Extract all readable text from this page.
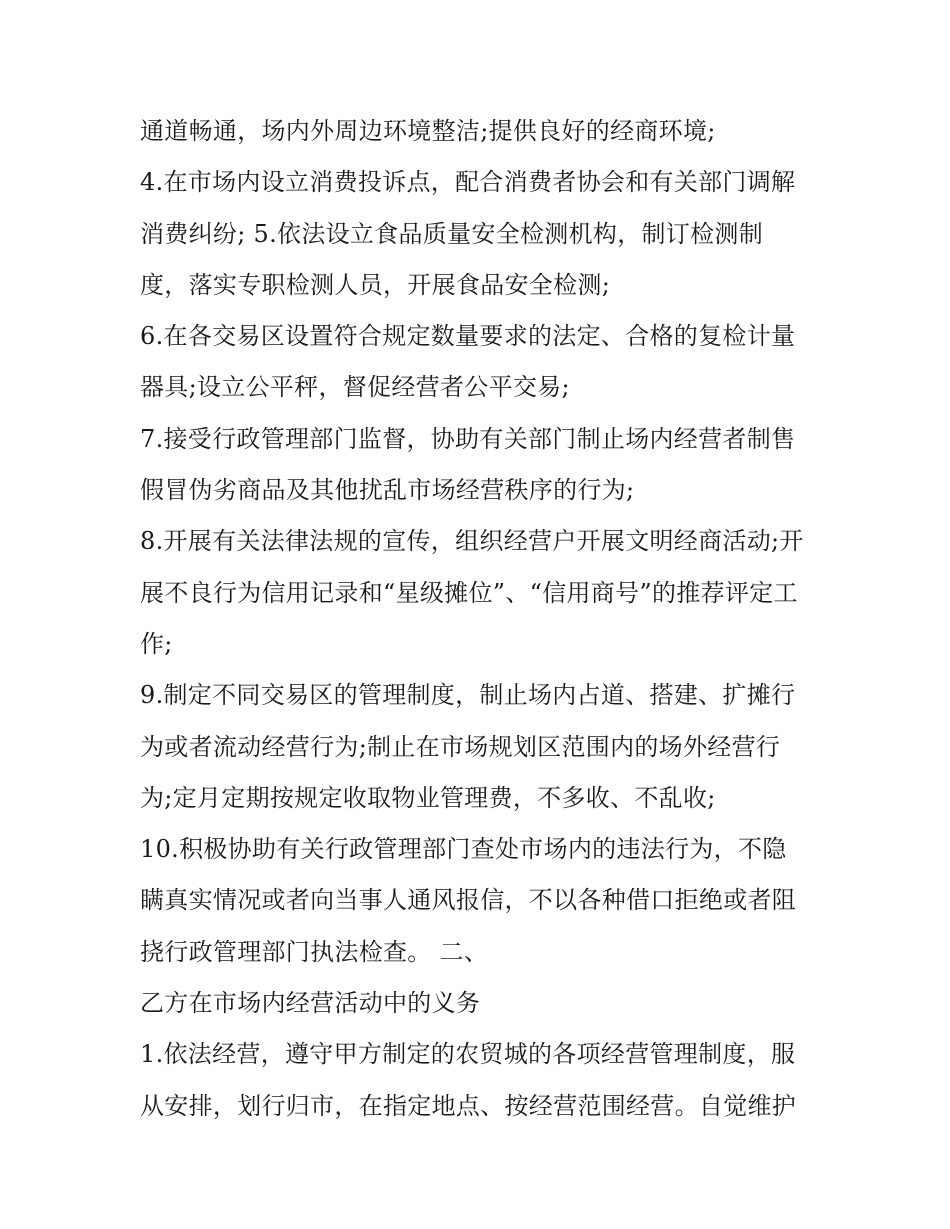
通道畅通，场内外周边环境整洁;提供良好的经商环境;
4.在市场内设立消费投诉点，配合消费者协会和有关部门调解
消费纠纷; 5.依法设立食品质量安全检测机构，制订检测制
度，落实专职检测人员，开展食品安全检测;
6.在各交易区设置符合规定数量要求的法定、合格的复检计量
器具;设立公平秤，督促经营者公平交易;
7.接受行政管理部门监督，协助有关部门制止场内经营者制售
假冒伪劣商品及其他扰乱市场经营秩序的行为;
8.开展有关法律法规的宣传，组织经营户开展文明经商活动;开
展不良行为信用记录和“星级摊位”、“信用商号”的推荐评定工
作;
9.制定不同交易区的管理制度，制止场内占道、搭建、扩摊行
为或者流动经营行为;制止在市场规划区范围内的场外经营行
为;定月定期按规定收取物业管理费，不多收、不乱收;
10.积极协助有关行政管理部门查处市场内的违法行为，不隐
瞒真实情况或者向当事人通风报信，不以各种借口拒绝或者阻
挠行政管理部门执法检查。 二、
乙方在市场内经营活动中的义务
1.依法经营，遵守甲方制定的农贸城的各项经营管理制度，服
从安排，划行归市，在指定地点、按经营范围经营。自觉维护
